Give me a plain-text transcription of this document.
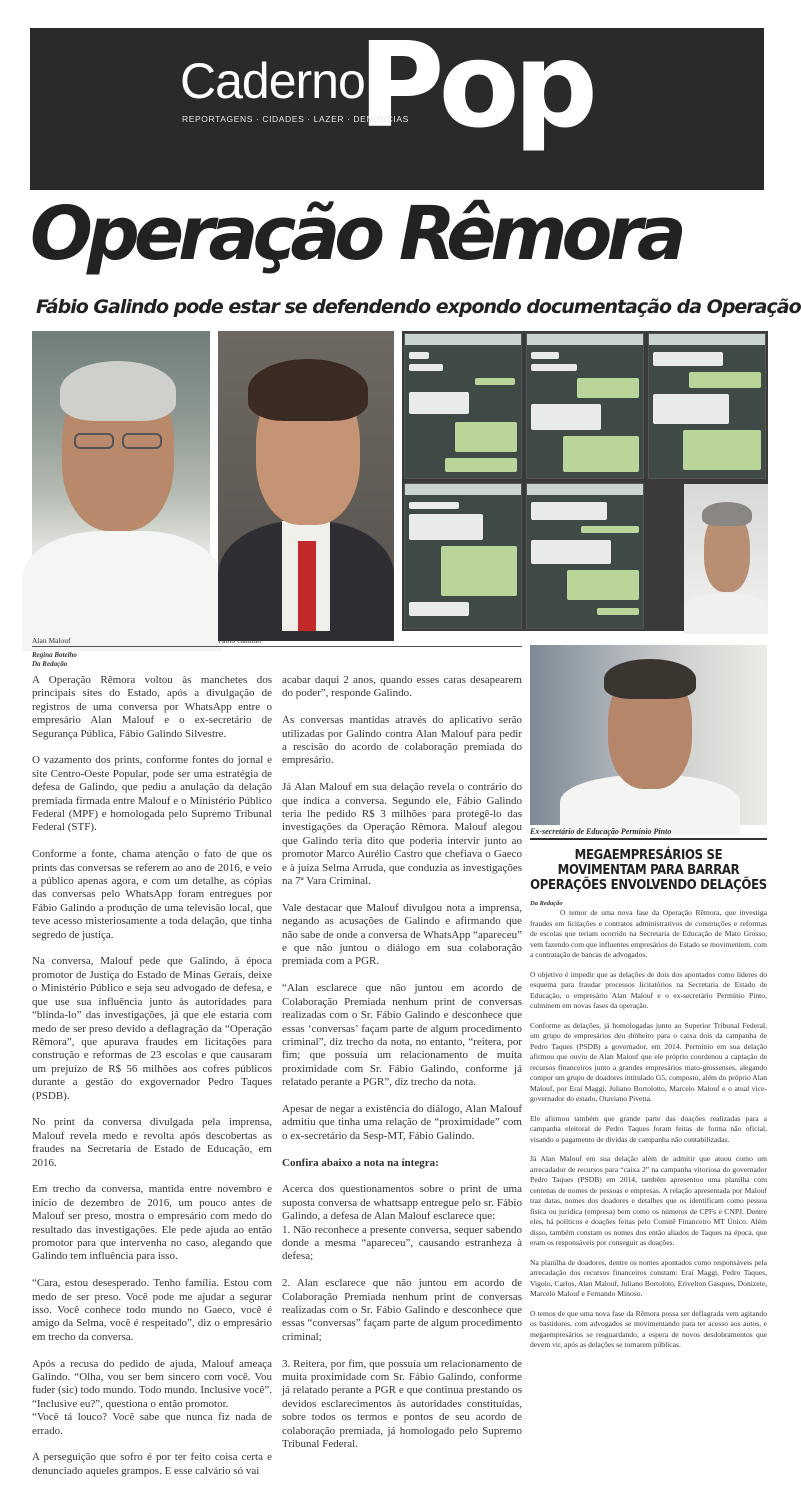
Caderno
Pop
REPORTAGENS · CIDADES · LAZER · DENÚNCIAS
Operação Rêmora
Fábio Galindo pode estar se defendendo expondo documentação da Operação
Alan Malouf	Fábio Galindo
Regina Botelho
Da Redação

A Operação Rêmora voltou às manchetes dos principais sites do Estado, após a divulgação de registros de uma conversa por WhatsApp entre o empresário Alan Malouf e o ex-secretário de Segurança Pública, Fábio Galindo Silvestre.

O vazamento dos prints, conforme fontes do jornal e site Centro-Oeste Popular, pode ser uma estratégia de defesa de Galindo, que pediu a anulação da delação premiada firmada entre Malouf e o Ministério Público Federal (MPF) e homologada pelo Supremo Tribunal Federal (STF).

Conforme a fonte, chama atenção o fato de que os prints das conversas se referem ao ano de 2016, e veio a público apenas agora, e com um detalhe, as cópias das conversas pelo WhatsApp foram entregues por Fábio Galindo a produção de uma televisão local, que teve acesso misteriosamente a toda delação, que tinha segredo de justiça.

Na conversa, Malouf pede que Galindo, à época promotor de Justiça do Estado de Minas Gerais, deixe o Ministério Público e seja seu advogado de defesa, e que use sua influência junto às autoridades para “blinda-lo” das investigações, já que ele estaria com medo de ser preso devido a deflagração da “Operação Rêmora”, que apurava fraudes em licitações para construção e reformas de 23 escolas e que causaram um prejuízo de R$ 56 milhões aos cofres públicos durante a gestão do exgovernador Pedro Taques (PSDB).

No print da conversa divulgada pela imprensa, Malouf revela medo e revolta após descobertas as fraudes na Secretaria de Estado de Educação, em 2016.

Em trecho da conversa, mantida entre novembro e início de dezembro de 2016, um pouco antes de Malouf ser preso, mostra o empresário com medo do resultado das investigações. Ele pede ajuda ao então promotor para que intervenha no caso, alegando que Galindo tem influência para isso.

“Cara, estou desesperado. Tenho família. Estou com medo de ser preso. Você pode me ajudar a segurar isso. Você conhece todo mundo no Gaeco, você é amigo da Selma, você é respeitado”, diz o empresário em trecho da conversa.

Após a recusa do pedido de ajuda, Malouf ameaça Galindo. “Olha, vou ser bem sincero com você. Vou fuder (sic) todo mundo. Todo mundo. Inclusive você”. “Inclusive eu?”, questiona o então promotor.

“Você tá louco? Você sabe que nunca fiz nada de errado.

A perseguição que sofro é por ter feito coisa certa e denunciado aqueles grampos. E esse calvário só vai

acabar daqui 2 anos, quando esses caras desapearem do poder”, responde Galindo.

As conversas mantidas através do aplicativo serão utilizadas por Galindo contra Alan Malouf para pedir a rescisão do acordo de colaboração premiada do empresário.

Já Alan Malouf em sua delação revela o contrário do que indica a conversa. Segundo ele, Fábio Galindo teria lhe pedido R$ 3 milhões para protegê-lo das investigações da Operação Rêmora. Malouf alegou que Galindo teria dito que poderia intervir junto ao promotor Marco Aurélio Castro que chefiava o Gaeco e à juíza Selma Arruda, que conduzia as investigações na 7ª Vara Criminal.

Vale destacar que Malouf divulgou nota a imprensa, negando as acusações de Galindo e afirmando que não sabe de onde a conversa de WhatsApp “apareceu” e que não juntou o diálogo em sua colaboração premiada com a PGR.

“Alan esclarece que não juntou em acordo de Colaboração Premiada nenhum print de conversas realizadas com o Sr. Fábio Galindo e desconhece que essas ‘conversas’ façam parte de algum procedimento criminal”, diz trecho da nota, no entanto, “reitera, por fim; que possuía um relacionamento de muita proximidade com Sr. Fábio Galindo, conforme já relatado perante a PGR”, diz trecho da nota.

Apesar de negar a existência do diálogo, Alan Malouf admitiu que tinha uma relação de “proximidade” com o ex-secretário da Sesp-MT, Fábio Galindo.

Confira abaixo a nota na íntegra:

Acerca dos questionamentos sobre o print de uma suposta conversa de whattsapp entregue pelo sr. Fábio Galindo, a defesa de Alan Malouf esclarece que:

1. Não reconhece a presente conversa, sequer sabendo donde a mesma “apareceu”, causando estranheza à defesa;

2. Alan esclarece que não juntou em acordo de Colaboração Premiada nenhum print de conversas realizadas com o Sr. Fábio Galindo e desconhece que essas “conversas” façam parte de algum procedimento criminal;

3. Reitera, por fim, que possuía um relacionamento de muita proximidade com Sr. Fábio Galindo, conforme já relatado perante a PGR e que continua prestando os devidos esclarecimentos às autoridades constituídas, sobre todos os termos e pontos de seu acordo de colaboração premiada, já homologado pelo Supremo Tribunal Federal.

Ex-secretário de Educação Permínio Pinto
MEGAEMPRESÁRIOS SE MOVIMENTAM PARA BARRAR OPERAÇÕES ENVOLVENDO DELAÇÕES
Da Redação

O temor de uma nova fase da Operação Rêmora, que investiga fraudes em licitações e contratos administrativos de construções e reformas de escolas que teriam ocorrido na Secretaria de Educação de Mato Grosso, vem fazendo com que influentes empresários do Estado se movimentem, com a contratação de bancas de advogados.

O objetivo é impedir que as delações de dois dos apontados como líderes do esquema para fraudar processos licitatórios na Secretaria de Estado de Educação, o empresário Alan Malouf e o ex-secretário Permínio Pinto, culminem em novas fases da operação.

Conforme as delações, já homologadas junto ao Superior Tribunal Federal, um grupo de empresários deu dinheiro para o caixa dois da campanha de Pedro Taques (PSDB) a governador, em 2014. Permínio em sua delação afirmou que ouviu de Alan Malouf que ele próprio coordenou a captação de recursos financeiros junto a grandes empresários mato-grossenses, alegando compor um grupo de doadores intitulado G5, composto, além do próprio Alan Malouf, por Eraí Maggi, Juliano Bortolotto, Marcelo Malouf e o atual vice-governador do estado, Otaviano Pivetta.

Ele afirmou também que grande parte das doações realizadas para a campanha eleitoral de Pedro Taques foram feitas de forma não oficial, visando o pagamento de dívidas de campanha não contabilizadas.

Já Alan Malouf em sua delação além de admitir que atuou como um arrecadador de recursos para “caixa 2” na campanha vitoriosa do governador Pedro Taques (PSDB) em 2014, também apresentou uma planilha com centenas de nomes de pessoas e empresas. A relação apresentada por Malouf traz datas, nomes dos doadores e detalhes que os identificam como pessoa física ou jurídica (empresa) bem como os números de CPFs e CNPJ. Dentre eles, há políticos e doações feitas pelo Comitê Financeiro MT Único. Além disso, também constam os nomes dos então aliados de Taques na época, que eram os responsáveis por conseguir as doações.

Na planilha de doadores, dentre os nomes apontados como responsáveis pela arrecadação dos recursos financeiros constam: Eraí Maggi, Pedro Taques, Vigolo, Carlos, Alan Malouf, Juliano Bortoloto, Erivelton Gasques, Donizete, Marcelo Malouf e Fernando Minoso.

O temos de que uma nova fase da Rêmora possa ser deflagrada vem agitando os bastidores, com advogados se movimentando para ter acesso aos autos, e megaempresários se resguardando, a espera de novos desdobramentos que devem vir, após as delações se tornarem públicas.
